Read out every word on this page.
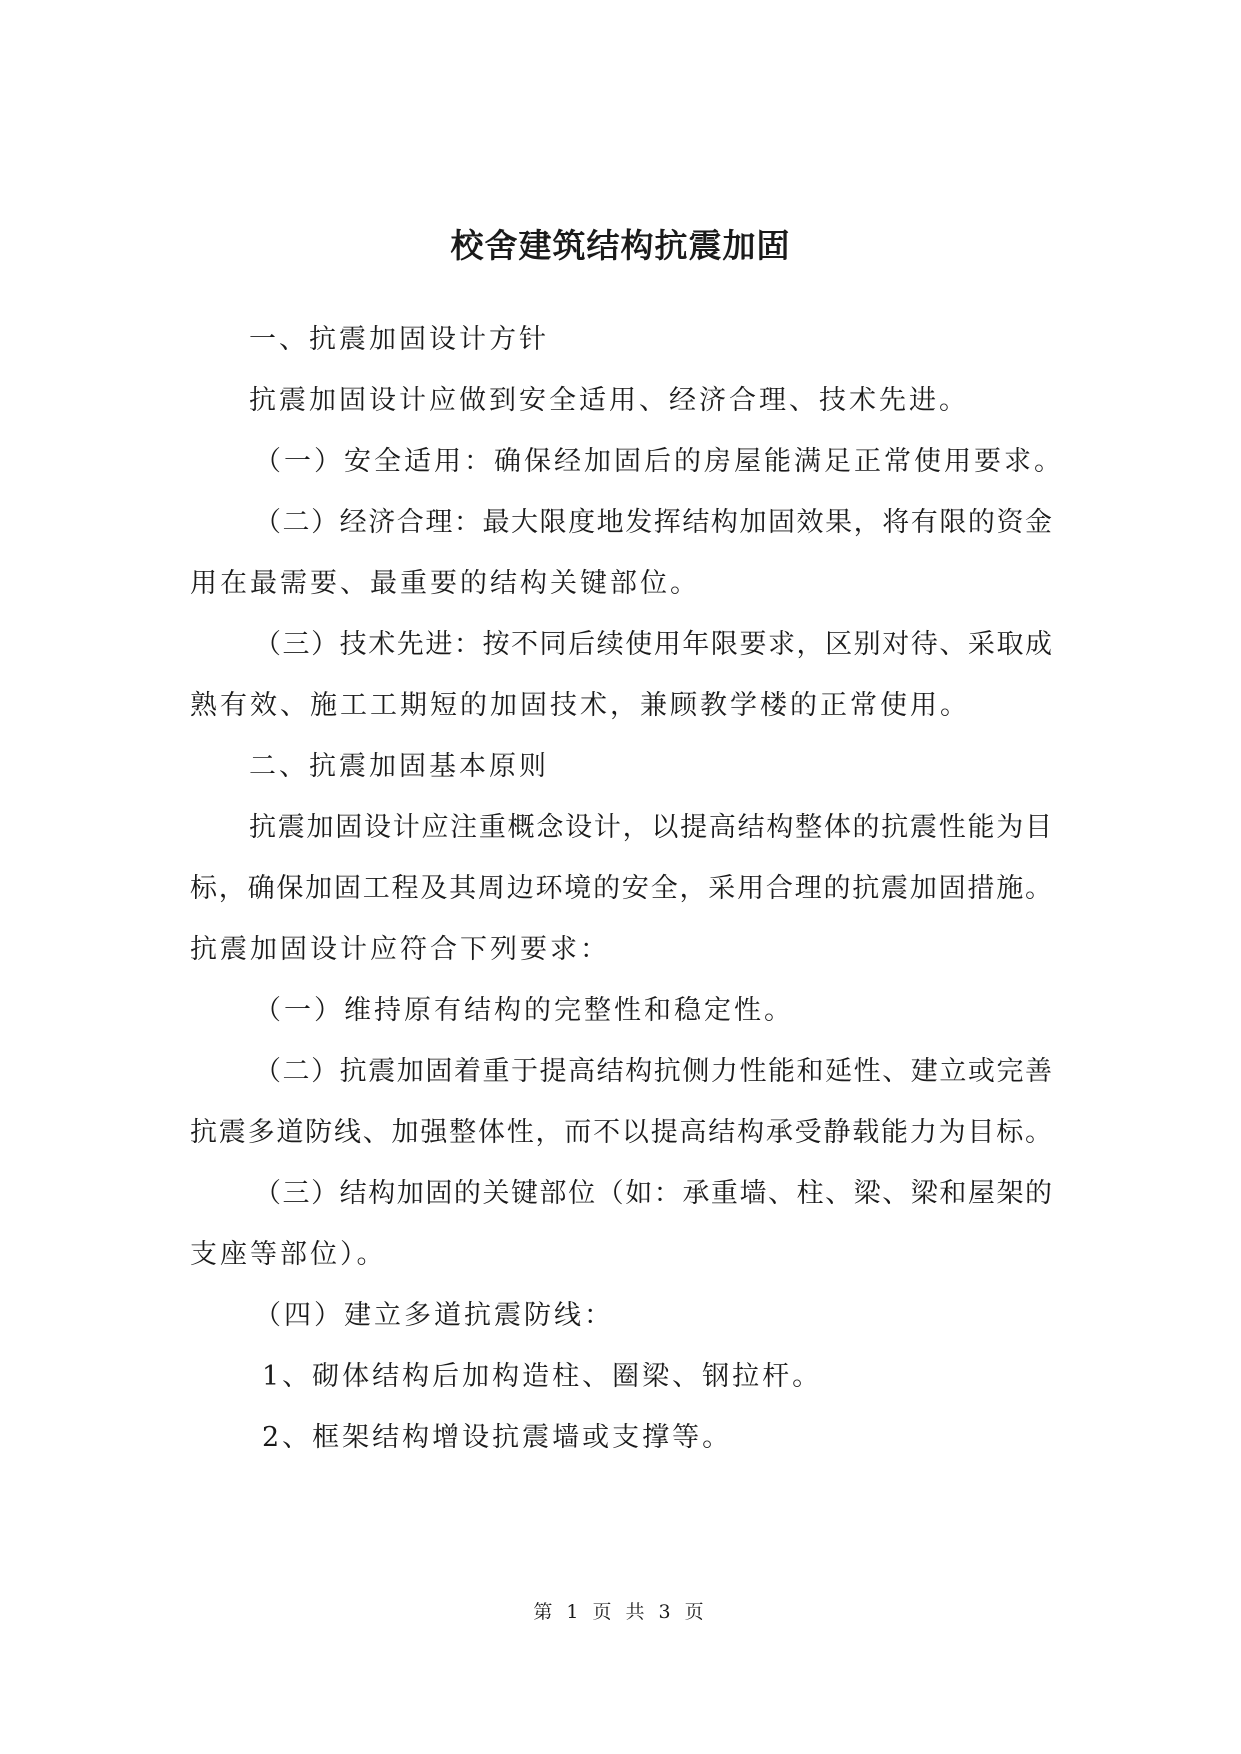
校舍建筑结构抗震加固

一、抗震加固设计方针

抗震加固设计应做到安全适用、经济合理、技术先进。

（一）安全适用：确保经加固后的房屋能满足正常使用要求。

（二）经济合理：最大限度地发挥结构加固效果，将有限的资金

用在最需要、最重要的结构关键部位。

（三）技术先进：按不同后续使用年限要求，区别对待、采取成

熟有效、施工工期短的加固技术，兼顾教学楼的正常使用。

二、抗震加固基本原则

抗震加固设计应注重概念设计，以提高结构整体的抗震性能为目

标，确保加固工程及其周边环境的安全，采用合理的抗震加固措施。

抗震加固设计应符合下列要求：

（一）维持原有结构的完整性和稳定性。

（二）抗震加固着重于提高结构抗侧力性能和延性、建立或完善

抗震多道防线、加强整体性，而不以提高结构承受静载能力为目标。

（三）结构加固的关键部位（如：承重墙、柱、梁、梁和屋架的

支座等部位）。

（四）建立多道抗震防线：

1、砌体结构后加构造柱、圈梁、钢拉杆。

2、框架结构增设抗震墙或支撑等。

第 1 页 共 3 页
